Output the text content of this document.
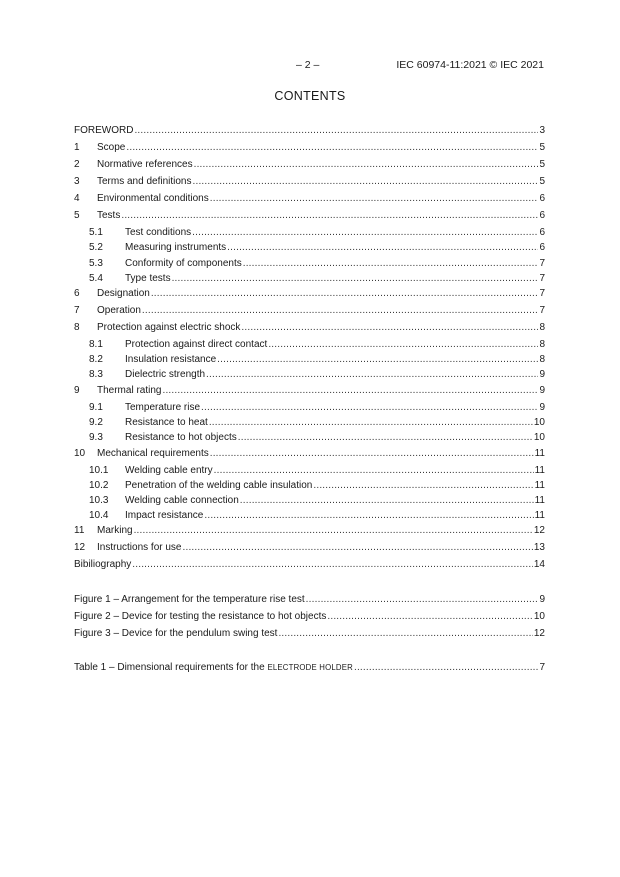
– 2 –	IEC 60974-11:2021 © IEC 2021
CONTENTS
FOREWORD .....	3
1	Scope .....	5
2	Normative references .....	5
3	Terms and definitions .....	5
4	Environmental conditions .....	6
5	Tests .....	6
5.1	Test conditions .....	6
5.2	Measuring instruments .....	6
5.3	Conformity of components .....	7
5.4	Type tests .....	7
6	Designation .....	7
7	Operation .....	7
8	Protection against electric shock .....	8
8.1	Protection against direct contact .....	8
8.2	Insulation resistance .....	8
8.3	Dielectric strength .....	9
9	Thermal rating .....	9
9.1	Temperature rise .....	9
9.2	Resistance to heat .....	10
9.3	Resistance to hot objects .....	10
10	Mechanical requirements .....	11
10.1	Welding cable entry .....	11
10.2	Penetration of the welding cable insulation .....	11
10.3	Welding cable connection .....	11
10.4	Impact resistance .....	11
11	Marking .....	12
12	Instructions for use .....	13
Bibiliography .....	14
Figure 1 – Arrangement for the temperature rise test .....	9
Figure 2 – Device for testing the resistance to hot objects .....	10
Figure 3 – Device for the pendulum swing test .....	12
Table 1 – Dimensional requirements for the ELECTRODE HOLDER .....	7
